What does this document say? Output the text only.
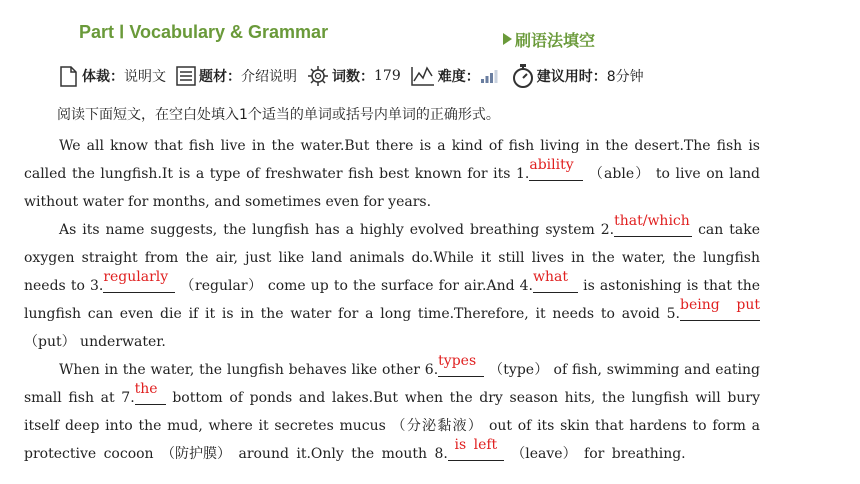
Part Ⅰ Vocabulary & Grammar	刷语法填空
体裁： 说明文 题材： 介绍说明	词数： 179	难度：	建议用时： 8分钟
阅读下面短文，在空白处填入1个适当的单词或括号内单词的正确形式。
We all know that fish live in the water.But there is a kind of fish living in the desert.The fish is
called the lungfish.It is a type of freshwater fish best known for its 1.
ability
（able） to live on land
without water for months, and sometimes even for years.
As its name suggests, the lungfish has a highly evolved breathing system 2.
that/which
can take
oxygen straight from the air, just like land animals do.While it still lives in the water, the lungfish
needs to 3.
regularly
（regular） come up to the surface for air.And 4.
what
is astonishing is that the
lungfish can even die if it is in the water for a long time.Therefore, it needs to avoid 5.
being put
（put） underwater.
When in the water, the lungfish behaves like other 6.
types
（type） of fish, swimming and eating
small fish at 7.
the
bottom of ponds and lakes.But when the dry season hits, the lungfish will bury
itself deep into the mud, where it secretes mucus （分泌黏液） out of its skin that hardens to form a
protective cocoon （防护膜） around it.Only the mouth 8.
is left
（leave） for breathing.
